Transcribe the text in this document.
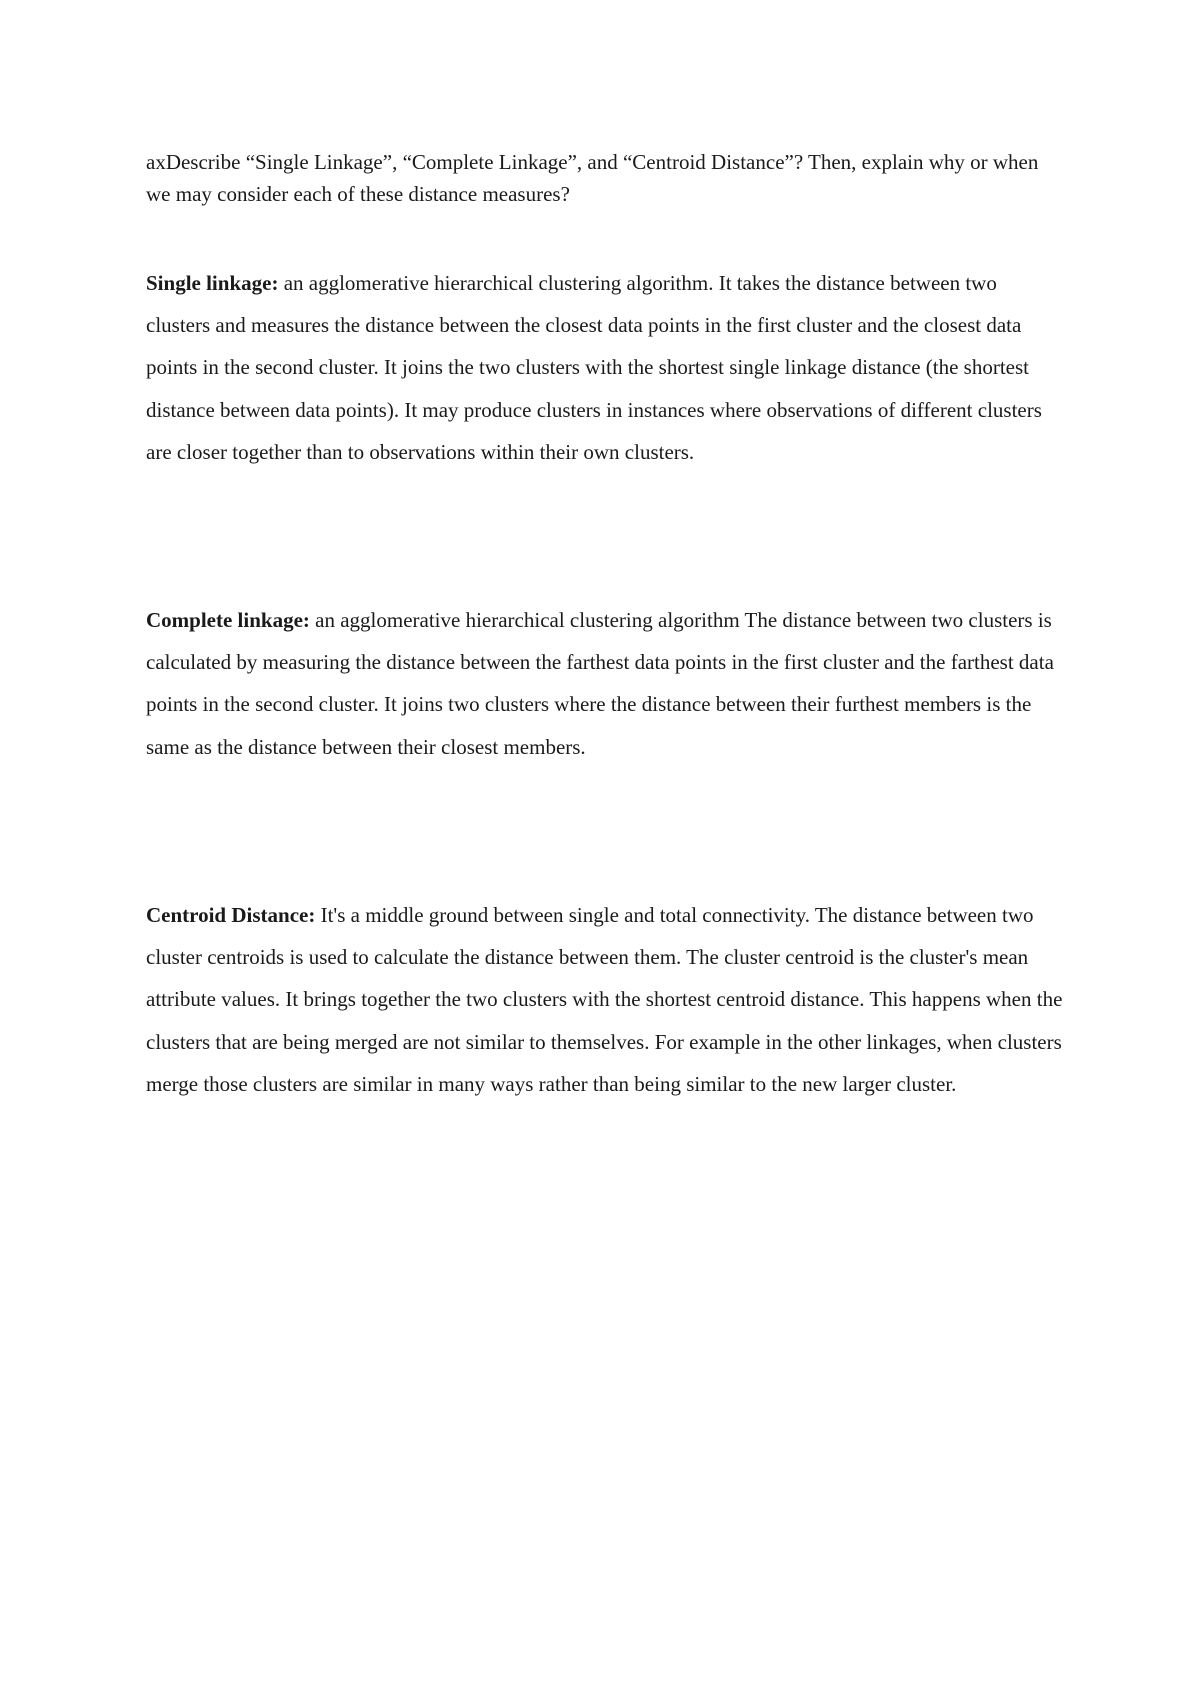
axDescribe “Single Linkage”, “Complete Linkage”, and “Centroid Distance”? Then, explain why or when we may consider each of these distance measures?

Single linkage: an agglomerative hierarchical clustering algorithm. It takes the distance between two clusters and measures the distance between the closest data points in the first cluster and the closest data points in the second cluster. It joins the two clusters with the shortest single linkage distance (the shortest distance between data points). It may produce clusters in instances where observations of different clusters are closer together than to observations within their own clusters.

Complete linkage: an agglomerative hierarchical clustering algorithm The distance between two clusters is calculated by measuring the distance between the farthest data points in the first cluster and the farthest data points in the second cluster. It joins two clusters where the distance between their furthest members is the same as the distance between their closest members.

Centroid Distance: It's a middle ground between single and total connectivity. The distance between two cluster centroids is used to calculate the distance between them. The cluster centroid is the cluster's mean attribute values. It brings together the two clusters with the shortest centroid distance. This happens when the clusters that are being merged are not similar to themselves. For example in the other linkages, when clusters merge those clusters are similar in many ways rather than being similar to the new larger cluster.
